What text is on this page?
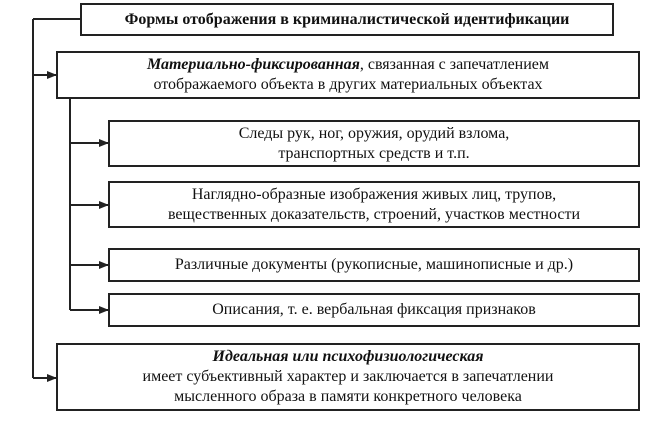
Формы отображения в криминалистической идентификации
Материально-фиксированная, связанная с запечатлением
отображаемого объекта в других материальных объектах
Следы рук, ног, оружия, орудий взлома,
транспортных средств и т.п.
Наглядно-образные изображения живых лиц, трупов,
вещественных доказательств, строений, участков местности
Различные документы (рукописные, машинописные и др.)
Описания, т. е. вербальная фиксация признаков
Идеальная или психофизиологическая
имеет субъективный характер и заключается в запечатлении
мысленного образа в памяти конкретного человека
